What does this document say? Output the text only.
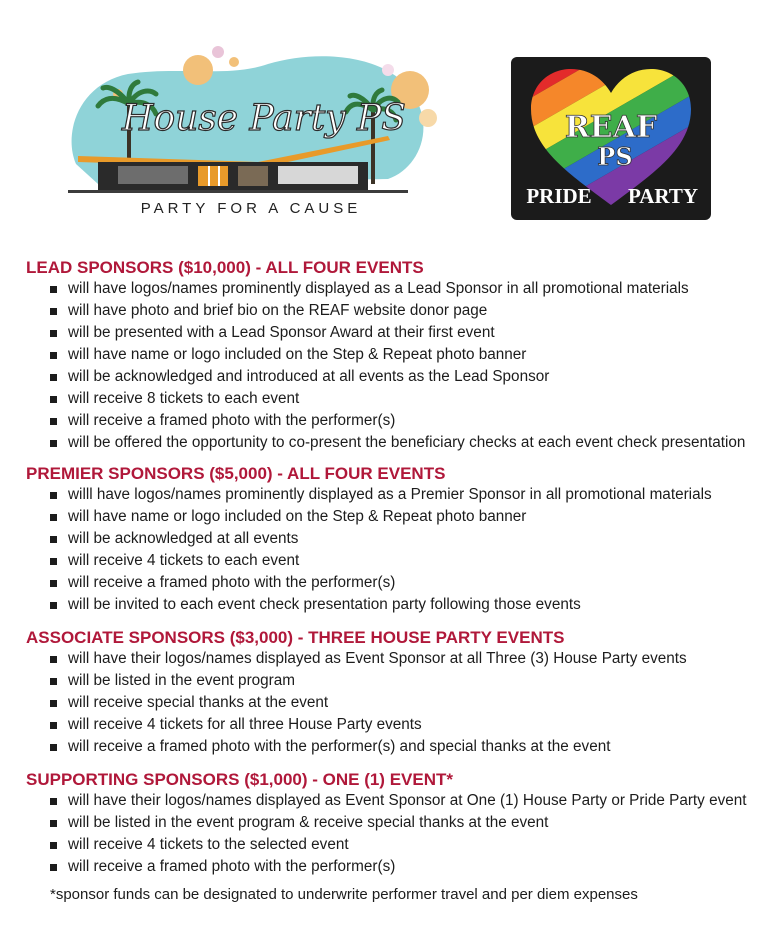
House Party PS
PARTY FOR A CAUSE
REAF
PS
PRIDE PARTY
LEAD SPONSORS ($10,000) - ALL FOUR EVENTS
will have logos/names prominently displayed as a Lead Sponsor in all promotional materials
will have photo and brief bio on the REAF website donor page
will be presented with a Lead Sponsor Award at their first event
will have name or logo included on the Step & Repeat photo banner
will be acknowledged and introduced at all events as the Lead Sponsor
will receive 8 tickets to each event
will receive a framed photo with the performer(s)
will be offered the opportunity to co-present the beneficiary checks at each event check presentation
PREMIER SPONSORS ($5,000) - ALL FOUR EVENTS
willl have logos/names prominently displayed as a Premier Sponsor in all promotional materials
will have name or logo included on the Step & Repeat photo banner
will be acknowledged at all events
will receive 4 tickets to each event
will receive a framed photo with the performer(s)
will be invited to each event check presentation party following those events
ASSOCIATE SPONSORS ($3,000) - THREE HOUSE PARTY EVENTS
will have their logos/names displayed as Event Sponsor at all Three (3) House Party events
will be listed in the event program
will receive special thanks at the event
will receive 4 tickets for all three House Party events
will receive a framed photo with the performer(s) and special thanks at the event
SUPPORTING SPONSORS ($1,000) - ONE (1) EVENT*
will have their logos/names displayed as Event Sponsor at One (1) House Party or Pride Party event
will be listed in the event program & receive special thanks at the event
will receive 4 tickets to the selected event
will receive a framed photo with the performer(s)
*sponsor funds can be designated to underwrite performer travel and per diem expenses
